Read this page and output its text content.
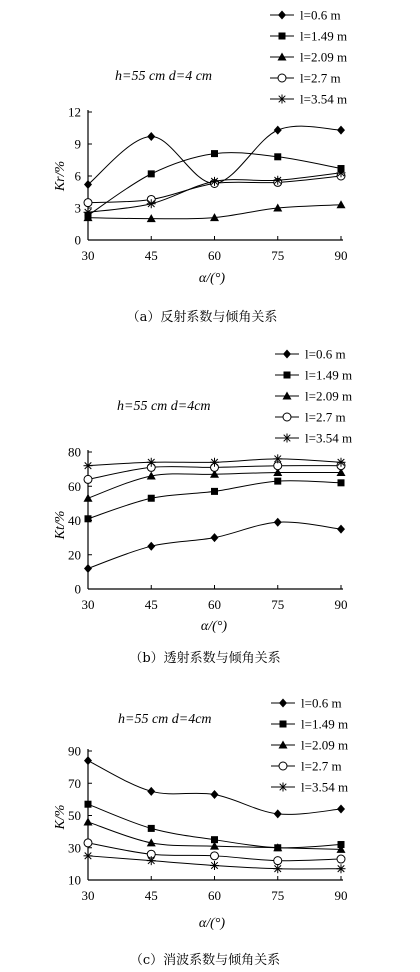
0
3
6
9
12
30	45	60	75	90
Kr/%
α/(°)
h=55 cm d=4 cm
l=0.6 m
l=1.49 m
l=2.09 m
l=2.7 m
l=3.54 m
（a）反射系数与倾角关系
0
20
40
60
80
30	45	60	75	90
Kt/%
α/(°)
h=55 cm d=4cm
l=0.6 m
l=1.49 m
l=2.09 m
l=2.7 m
l=3.54 m
（b）透射系数与倾角关系
10
30
50
70
90
30	45	60	75	90
K/%
α/(°)
h=55 cm d=4cm
l=0.6 m
l=1.49 m
l=2.09 m
l=2.7 m
l=3.54 m
（c）消波系数与倾角关系
